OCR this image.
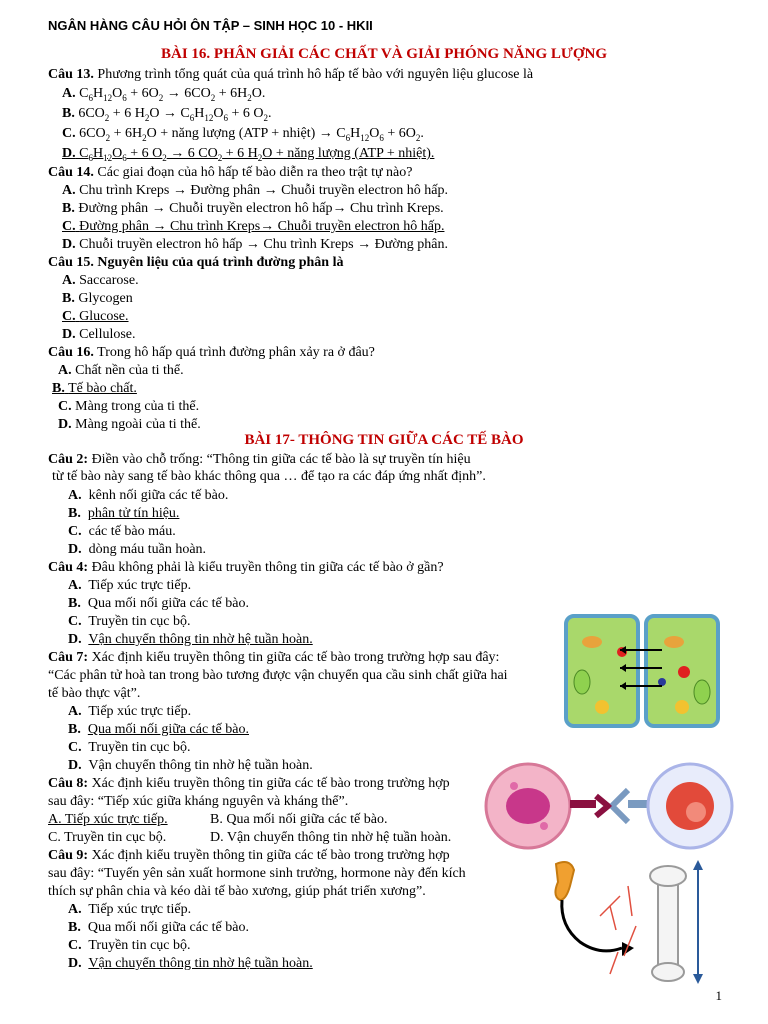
NGÂN HÀNG CÂU HỎI ÔN TẬP – SINH HỌC 10 - HKII
BÀI 16. PHÂN GIẢI CÁC CHẤT VÀ GIẢI PHÓNG NĂNG LƯỢNG
Câu 13. Phương trình tổng quát của quá trình hô hấp tế bào với nguyên liệu glucose là
A. $C_6H_{12}O_6 + 6O_2 \to 6CO_2 + 6H_2O$.
B. $6CO_2 + 6$ $H_2O \to C_6H_{12}O_6 + 6$ $O_2$.
C. $6CO_2 + 6H_2O$ + năng lượng (ATP + nhiệt) → $C_6H_{12}O_6 + 6O_2$.
D. $C_6H_{12}O_6 + 6$ $O_2 \to 6$ $CO_2 + 6$ $H_2O$ + năng lượng (ATP + nhiệt).
Câu 14. Các giai đoạn của hô hấp tế bào diễn ra theo trật tự nào?
A. Chu trình Kreps → Đường phân → Chuỗi truyền electron hô hấp.
B. Đường phân → Chuỗi truyền electron hô hấp→ Chu trình Kreps.
C. Đường phân → Chu trình Kreps→ Chuỗi truyền electron hô hấp.
D. Chuỗi truyền electron hô hấp → Chu trình Kreps → Đường phân.
Câu 15. Nguyên liệu của quá trình đường phân là
A. Saccarose.
B. Glycogen
C. Glucose.
D. Cellulose.
Câu 16. Trong hô hấp quá trình đường phân xảy ra ở đâu?
A. Chất nền của ti thể.
B. Tế bào chất.
C. Màng trong của ti thể.
D. Màng ngoài của ti thể.
BÀI 17- THÔNG TIN GIỮA CÁC TẾ BÀO
Câu 2: Điền vào chỗ trống: “Thông tin giữa các tế bào là sự truyền tín hiệu
từ tế bào này sang tế bào khác thông qua … để tạo ra các đáp ứng nhất định”.
A. kênh nối giữa các tế bào.
B. phân tử tín hiệu.
C. các tế bào máu.
D. dòng máu tuần hoàn.
Câu 4: Đâu không phải là kiểu truyền thông tin giữa các tế bào ở gần?
A. Tiếp xúc trực tiếp.
B. Qua mối nối giữa các tế bào.
C. Truyền tin cục bộ.
D. Vận chuyển thông tin nhờ hệ tuần hoàn.
Câu 7: Xác định kiểu truyền thông tin giữa các tế bào trong trường hợp sau đây:
“Các phân tử hoà tan trong bào tương được vận chuyển qua cầu sinh chất giữa hai
tế bào thực vật”.
A. Tiếp xúc trực tiếp.
B. Qua mối nối giữa các tế bào.
C. Truyền tin cục bộ.
D. Vận chuyển thông tin nhờ hệ tuần hoàn.
Câu 8: Xác định kiểu truyền thông tin giữa các tế bào trong trường hợp
sau đây: “Tiếp xúc giữa kháng nguyên và kháng thể”.
A. Tiếp xúc trực tiếp.	B. Qua mối nối giữa các tế bào.
C. Truyền tin cục bộ.	D. Vận chuyển thông tin nhờ hệ tuần hoàn.
Câu 9: Xác định kiểu truyền thông tin giữa các tế bào trong trường hợp
sau đây: “Tuyến yên sản xuất hormone sinh trưởng, hormone này đến kích
thích sự phân chia và kéo dài tế bào xương, giúp phát triển xương”.
A. Tiếp xúc trực tiếp.
B. Qua mối nối giữa các tế bào.
C. Truyền tin cục bộ.
D. Vận chuyển thông tin nhờ hệ tuần hoàn.
1
